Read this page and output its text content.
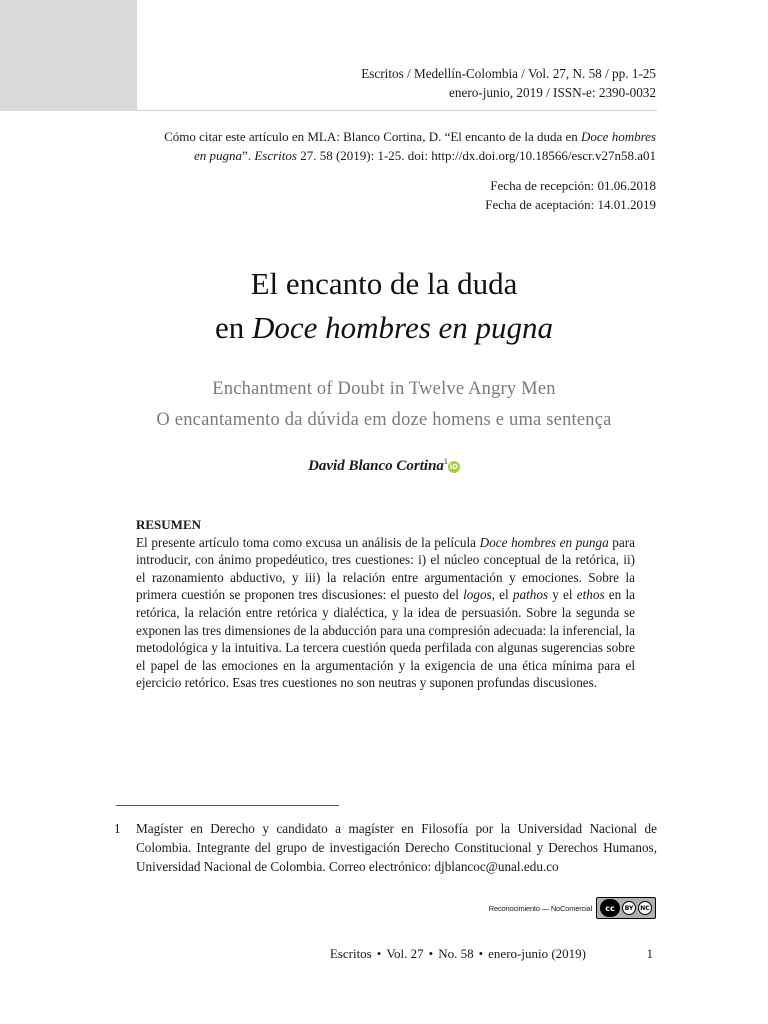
Escritos / Medellín-Colombia / Vol. 27, N. 58 / pp. 1-25
enero-junio, 2019 / ISSN-e: 2390-0032
Cómo citar este artículo en MLA: Blanco Cortina, D. “El encanto de la duda en Doce hombres
en pugna”. Escritos 27. 58 (2019): 1-25. doi: http://dx.doi.org/10.18566/escr.v27n58.a01
Fecha de recepción: 01.06.2018
Fecha de aceptación: 14.01.2019
El encanto de la duda
en Doce hombres en pugna
Enchantment of Doubt in Twelve Angry Men
O encantamento da dúvida em doze homens e uma sentença
David Blanco Cortina$^1$iD

RESUMEN

El presente artículo toma como excusa un análisis de la película Doce hombres en punga para introducir, con ánimo propedéutico, tres cuestiones: i) el núcleo conceptual de la retórica, ii) el razonamiento abductivo, y iii) la relación entre argumentación y emociones. Sobre la primera cuestión se proponen tres discusiones: el puesto del logos, el pathos y el ethos en la retórica, la relación entre retórica y dialéctica, y la idea de persuasión. Sobre la segunda se exponen las tres dimensiones de la abducción para una compresión adecuada: la inferencial, la metodológica y la intuitiva. La tercera cuestión queda perfilada con algunas sugerencias sobre el papel de las emociones en la argumentación y la exigencia de una ética mínima para el ejercicio retórico. Esas tres cuestiones no son neutras y suponen profundas discusiones.

1 Magíster en Derecho y candidato a magíster en Filosofía por la Universidad Nacional de Colombia. Integrante del grupo de investigación Derecho Constitucional y Derechos Humanos, Universidad Nacional de Colombia. Correo electrónico: djblancoc@unal.edu.co
Reconocimiento — NoComercial	cc	BY	NC
Escritos • Vol. 27 • No. 58 • enero-junio (2019)	1
